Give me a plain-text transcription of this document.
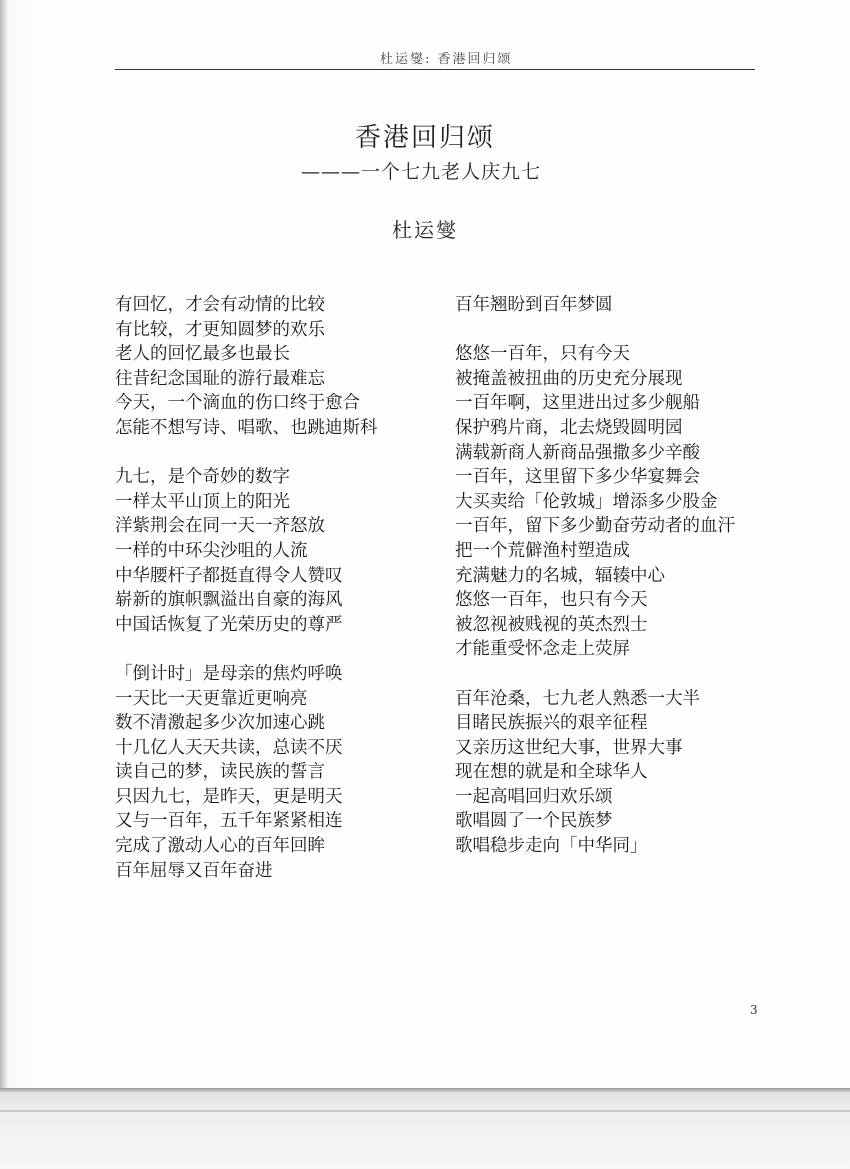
杜运燮: 香港回归颂
香港回归颂
———一个七九老人庆九七
杜运燮
有回忆，才会有动情的比较
有比较，才更知圆梦的欢乐
老人的回忆最多也最长
往昔纪念国耻的游行最难忘
今天，一个滴血的伤口终于愈合
怎能不想写诗、唱歌、也跳迪斯科
九七，是个奇妙的数字
一样太平山顶上的阳光
洋紫荆会在同一天一齐怒放
一样的中环尖沙咀的人流
中华腰杆子都挺直得令人赞叹
崭新的旗帜飘溢出自豪的海风
中国话恢复了光荣历史的尊严
「倒计时」是母亲的焦灼呼唤
一天比一天更靠近更响亮
数不清激起多少次加速心跳
十几亿人天天共读，总读不厌
读自己的梦，读民族的誓言
只因九七，是昨天，更是明天
又与一百年，五千年紧紧相连
完成了激动人心的百年回眸
百年屈辱又百年奋进
百年翘盼到百年梦圆
悠悠一百年，只有今天
被掩盖被扭曲的历史充分展现
一百年啊，这里进出过多少舰船
保护鸦片商，北去烧毁圆明园
满载新商人新商品强撒多少辛酸
一百年，这里留下多少华宴舞会
大买卖给「伦敦城」增添多少股金
一百年，留下多少勤奋劳动者的血汗
把一个荒僻渔村塑造成
充满魅力的名城，辐辏中心
悠悠一百年，也只有今天
被忽视被贱视的英杰烈士
才能重受怀念走上荧屏
百年沧桑，七九老人熟悉一大半
目睹民族振兴的艰辛征程
又亲历这世纪大事，世界大事
现在想的就是和全球华人
一起高唱回归欢乐颂
歌唱圆了一个民族梦
歌唱稳步走向「中华同」
3
